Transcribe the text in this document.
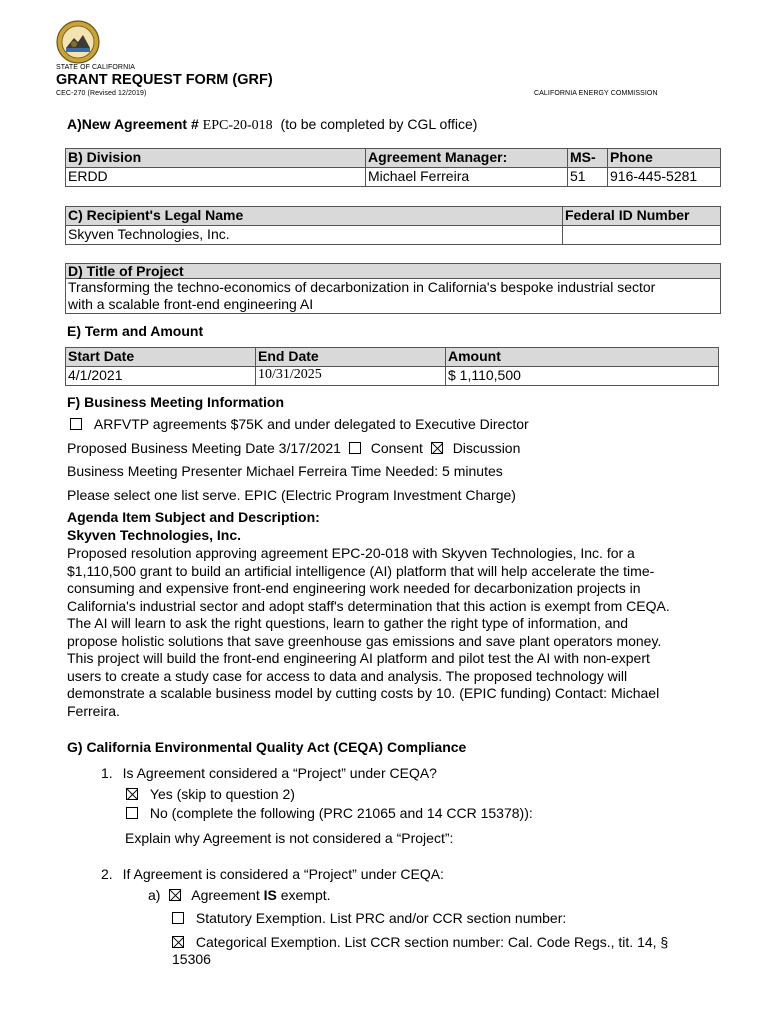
STATE OF CALIFORNIA
GRANT REQUEST FORM (GRF)
CEC-270 (Revised 12/2019)	CALIFORNIA ENERGY COMMISSION
A)New Agreement # EPC-20-018 (to be completed by CGL office)
B) Division	Agreement Manager:	MS-	Phone
ERDD	Michael Ferreira	51	916-445-5281
C) Recipient's Legal Name	Federal ID Number
Skyven Technologies, Inc.	
D) Title of Project

Transforming the techno-economics of decarbonization in California's bespoke industrial sector
with a scalable front-end engineering AI
E) Term and Amount
Start Date	End Date	Amount
4/1/2021	10/31/2025	$ 1,110,500
F) Business Meeting Information
ARFVTP agreements $75K and under delegated to Executive Director
Proposed Business Meeting Date 3/17/2021 Consent Discussion
Business Meeting Presenter Michael Ferreira Time Needed: 5 minutes
Please select one list serve. EPIC (Electric Program Investment Charge)
Agenda Item Subject and Description:
Skyven Technologies, Inc.
Proposed resolution approving agreement EPC-20-018 with Skyven Technologies, Inc. for a
$1,110,500 grant to build an artificial intelligence (AI) platform that will help accelerate the time-
consuming and expensive front-end engineering work needed for decarbonization projects in
California's industrial sector and adopt staff's determination that this action is exempt from CEQA.
The AI will learn to ask the right questions, learn to gather the right type of information, and
propose holistic solutions that save greenhouse gas emissions and save plant operators money.
This project will build the front-end engineering AI platform and pilot test the AI with non-expert
users to create a study case for access to data and analysis. The proposed technology will
demonstrate a scalable business model by cutting costs by 10. (EPIC funding) Contact: Michael
Ferreira.
G) California Environmental Quality Act (CEQA) Compliance
1. Is Agreement considered a “Project” under CEQA?
Yes (skip to question 2)
No (complete the following (PRC 21065 and 14 CCR 15378)):
Explain why Agreement is not considered a “Project”:
2. If Agreement is considered a “Project” under CEQA:
a) Agreement IS exempt.
Statutory Exemption. List PRC and/or CCR section number:
Categorical Exemption. List CCR section number: Cal. Code Regs., tit. 14, §
15306
